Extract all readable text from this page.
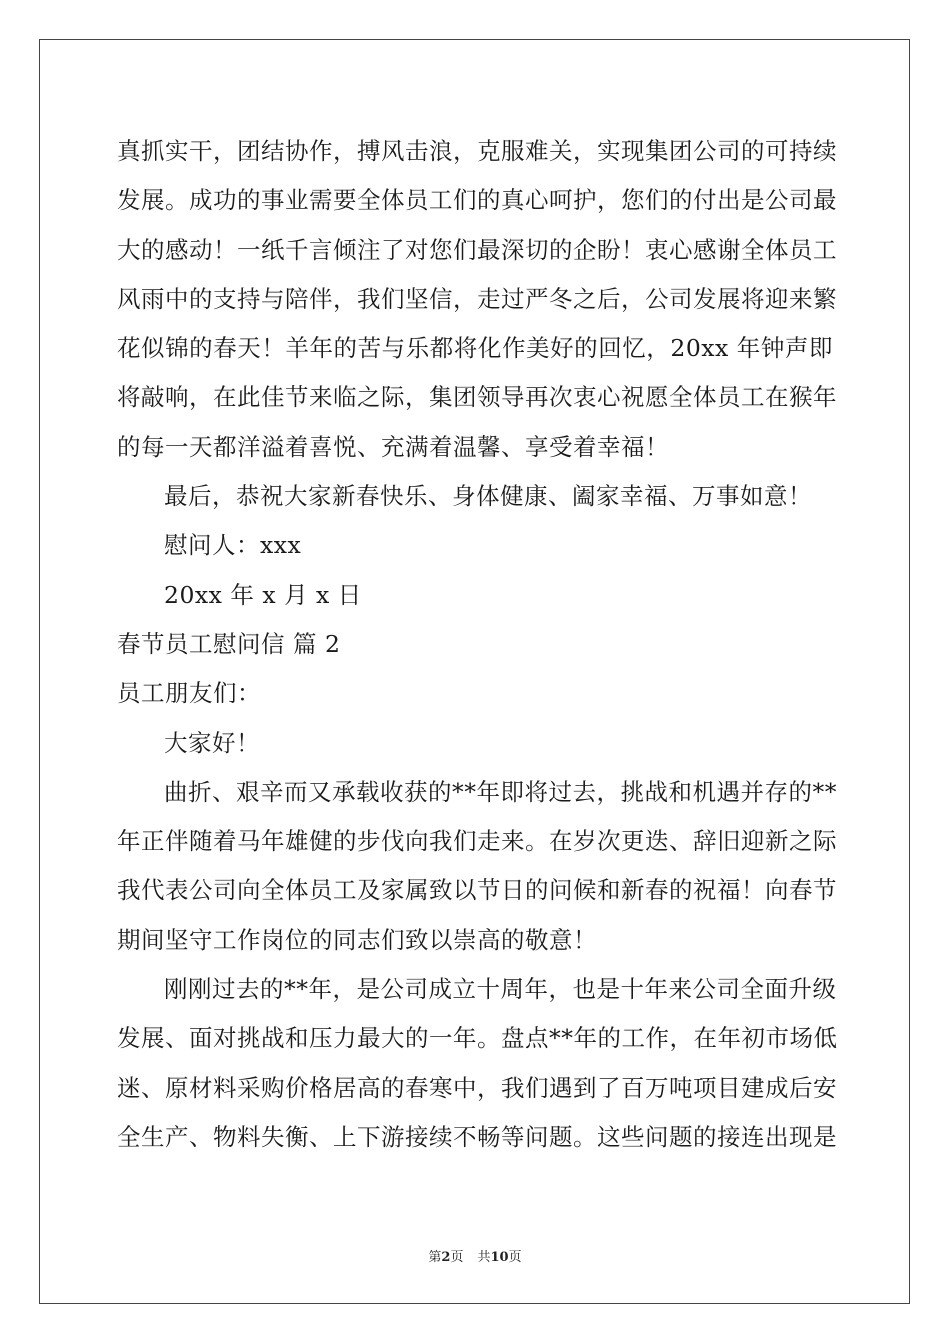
真抓实干，团结协作，搏风击浪，克服难关，实现集团公司的可持续
发展。成功的事业需要全体员工们的真心呵护，您们的付出是公司最
大的感动！一纸千言倾注了对您们最深切的企盼！衷心感谢全体员工
风雨中的支持与陪伴，我们坚信，走过严冬之后，公司发展将迎来繁
花似锦的春天！羊年的苦与乐都将化作美好的回忆，20xx 年钟声即
将敲响，在此佳节来临之际，集团领导再次衷心祝愿全体员工在猴年
的每一天都洋溢着喜悦、充满着温馨、享受着幸福！
最后，恭祝大家新春快乐、身体健康、阖家幸福、万事如意！
慰问人：xxx
20xx 年 x 月 x 日
春节员工慰问信 篇 2
员工朋友们：
大家好！
曲折、艰辛而又承载收获的**年即将过去，挑战和机遇并存的**
年正伴随着马年雄健的步伐向我们走来。在岁次更迭、辞旧迎新之际
我代表公司向全体员工及家属致以节日的问候和新春的祝福！向春节
期间坚守工作岗位的同志们致以崇高的敬意！
刚刚过去的**年，是公司成立十周年，也是十年来公司全面升级
发展、面对挑战和压力最大的一年。盘点**年的工作，在年初市场低
迷、原材料采购价格居高的春寒中，我们遇到了百万吨项目建成后安
全生产、物料失衡、上下游接续不畅等问题。这些问题的接连出现是
第2页 共10页
